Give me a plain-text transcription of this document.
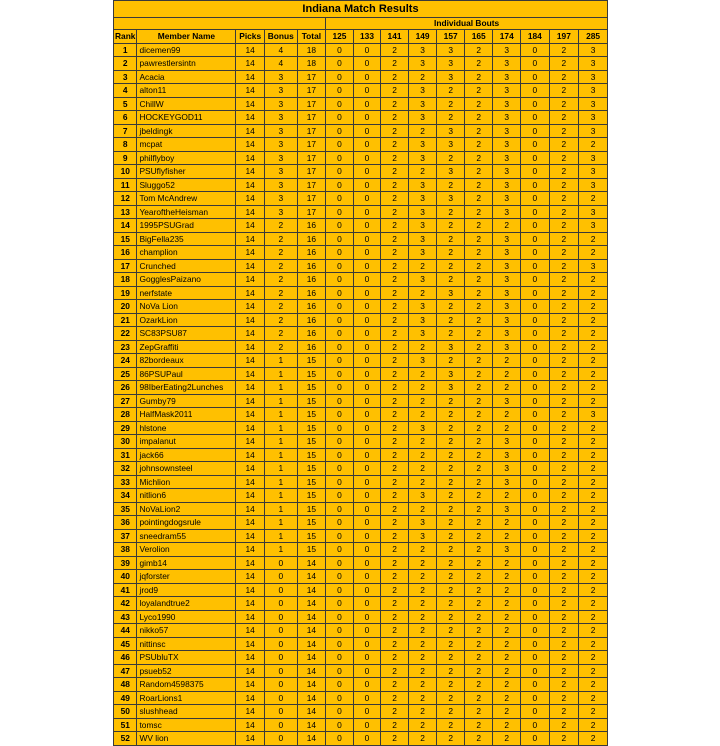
Indiana Match Results														
					Individual Bouts									
Rank	Member Name	Picks	Bonus	Total	125	133	141	149	157	165	174	184	197	285
1	dicemen99	14	4	18	0	0	2	3	3	2	3	0	2	3
2	pawrestlersintn	14	4	18	0	0	2	3	3	2	3	0	2	3
3	Acacia	14	3	17	0	0	2	2	3	2	3	0	2	3
4	alton11	14	3	17	0	0	2	3	2	2	3	0	2	3
5	ChillW	14	3	17	0	0	2	3	2	2	3	0	2	3
6	HOCKEYGOD11	14	3	17	0	0	2	3	2	2	3	0	2	3
7	jbeldingk	14	3	17	0	0	2	2	3	2	3	0	2	3
8	mcpat	14	3	17	0	0	2	3	3	2	3	0	2	2
9	philflyboy	14	3	17	0	0	2	3	2	2	3	0	2	3
10	PSUflyfisher	14	3	17	0	0	2	2	3	2	3	0	2	3
11	Sluggo52	14	3	17	0	0	2	3	2	2	3	0	2	3
12	Tom McAndrew	14	3	17	0	0	2	3	3	2	3	0	2	2
13	YearoftheHeisman	14	3	17	0	0	2	3	2	2	3	0	2	3
14	1995PSUGrad	14	2	16	0	0	2	3	2	2	2	0	2	3
15	BigFella235	14	2	16	0	0	2	3	2	2	3	0	2	2
16	champlion	14	2	16	0	0	2	3	2	2	3	0	2	2
17	Crunched	14	2	16	0	0	2	2	2	2	3	0	2	3
18	GogglesPaizano	14	2	16	0	0	2	3	2	2	3	0	2	2
19	nerfstate	14	2	16	0	0	2	2	3	2	3	0	2	2
20	NoVa Lion	14	2	16	0	0	2	3	2	2	3	0	2	2
21	OzarkLion	14	2	16	0	0	2	3	2	2	3	0	2	2
22	SC83PSU87	14	2	16	0	0	2	3	2	2	3	0	2	2
23	ZepGraffiti	14	2	16	0	0	2	2	3	2	3	0	2	2
24	82bordeaux	14	1	15	0	0	2	3	2	2	2	0	2	2
25	86PSUPaul	14	1	15	0	0	2	2	3	2	2	0	2	2
26	98IberEating2Lunches	14	1	15	0	0	2	2	3	2	2	0	2	2
27	Gumby79	14	1	15	0	0	2	2	2	2	3	0	2	2
28	HalfMask2011	14	1	15	0	0	2	2	2	2	2	0	2	3
29	hlstone	14	1	15	0	0	2	3	2	2	2	0	2	2
30	impalanut	14	1	15	0	0	2	2	2	2	3	0	2	2
31	jack66	14	1	15	0	0	2	2	2	2	3	0	2	2
32	johnsownsteel	14	1	15	0	0	2	2	2	2	3	0	2	2
33	Michlion	14	1	15	0	0	2	2	2	2	3	0	2	2
34	nitlion6	14	1	15	0	0	2	3	2	2	2	0	2	2
35	NoVaLion2	14	1	15	0	0	2	2	2	2	3	0	2	2
36	pointingdogsrule	14	1	15	0	0	2	3	2	2	2	0	2	2
37	sneedram55	14	1	15	0	0	2	3	2	2	2	0	2	2
38	Verolion	14	1	15	0	0	2	2	2	2	3	0	2	2
39	gimb14	14	0	14	0	0	2	2	2	2	2	0	2	2
40	jqforster	14	0	14	0	0	2	2	2	2	2	0	2	2
41	jrod9	14	0	14	0	0	2	2	2	2	2	0	2	2
42	loyalandtrue2	14	0	14	0	0	2	2	2	2	2	0	2	2
43	Lyco1990	14	0	14	0	0	2	2	2	2	2	0	2	2
44	nikko57	14	0	14	0	0	2	2	2	2	2	0	2	2
45	nittinsc	14	0	14	0	0	2	2	2	2	2	0	2	2
46	PSUbluTX	14	0	14	0	0	2	2	2	2	2	0	2	2
47	psueb52	14	0	14	0	0	2	2	2	2	2	0	2	2
48	Random4598375	14	0	14	0	0	2	2	2	2	2	0	2	2
49	RoarLions1	14	0	14	0	0	2	2	2	2	2	0	2	2
50	slushhead	14	0	14	0	0	2	2	2	2	2	0	2	2
51	tomsc	14	0	14	0	0	2	2	2	2	2	0	2	2
52	WV lion	14	0	14	0	0	2	2	2	2	2	0	2	2
